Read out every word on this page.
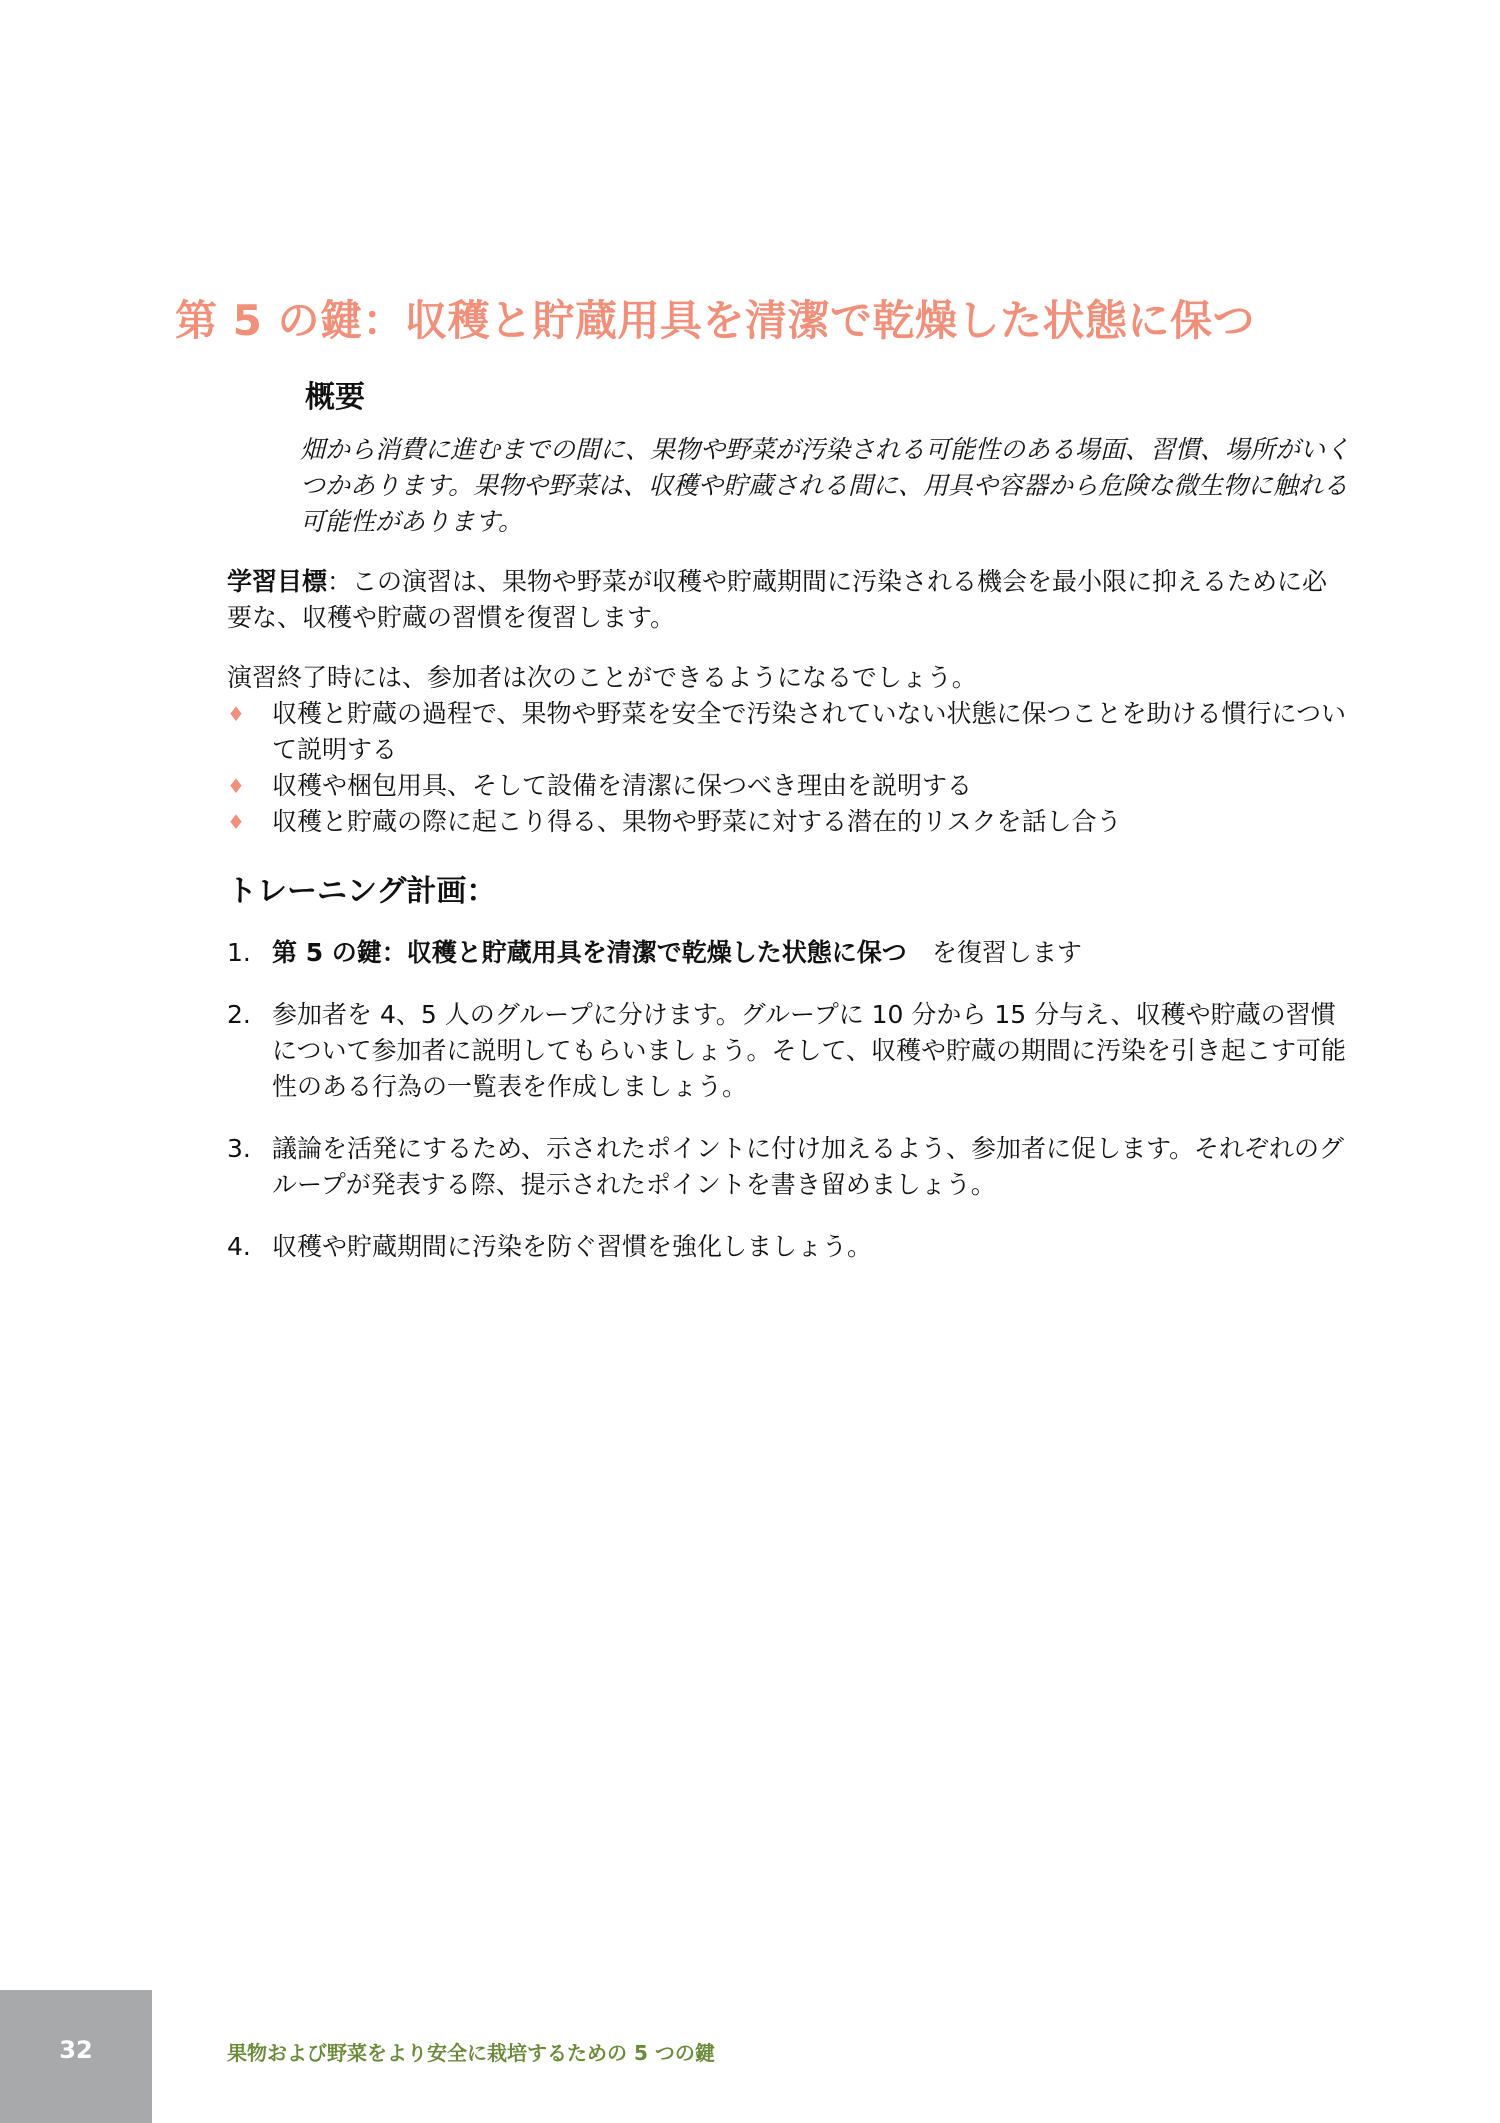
第 5 の鍵：収穫と貯蔵用具を清潔で乾燥した状態に保つ
概要

畑から消費に進むまでの間に、果物や野菜が汚染される可能性のある場面、習慣、場所がいくつかあります。果物や野菜は、収穫や貯蔵される間に、用具や容器から危険な微生物に触れる可能性があります。

学習目標：この演習は、果物や野菜が収穫や貯蔵期間に汚染される機会を最小限に抑えるために必要な、収穫や貯蔵の習慣を復習します。

演習終了時には、参加者は次のことができるようになるでしょう。

♦ 収穫と貯蔵の過程で、果物や野菜を安全で汚染されていない状態に保つことを助ける慣行について説明する
♦ 収穫や梱包用具、そして設備を清潔に保つべき理由を説明する
♦ 収穫と貯蔵の際に起こり得る、果物や野菜に対する潜在的リスクを話し合う
トレーニング計画：
1. 第 5 の鍵：収穫と貯蔵用具を清潔で乾燥した状態に保つ　を復習します
2. 参加者を 4、5 人のグループに分けます。グループに 10 分から 15 分与え、収穫や貯蔵の習慣について参加者に説明してもらいましょう。そして、収穫や貯蔵の期間に汚染を引き起こす可能性のある行為の一覧表を作成しましょう。
3. 議論を活発にするため、示されたポイントに付け加えるよう、参加者に促します。それぞれのグループが発表する際、提示されたポイントを書き留めましょう。
4. 収穫や貯蔵期間に汚染を防ぐ習慣を強化しましょう。
32	果物および野菜をより安全に栽培するための 5 つの鍵
